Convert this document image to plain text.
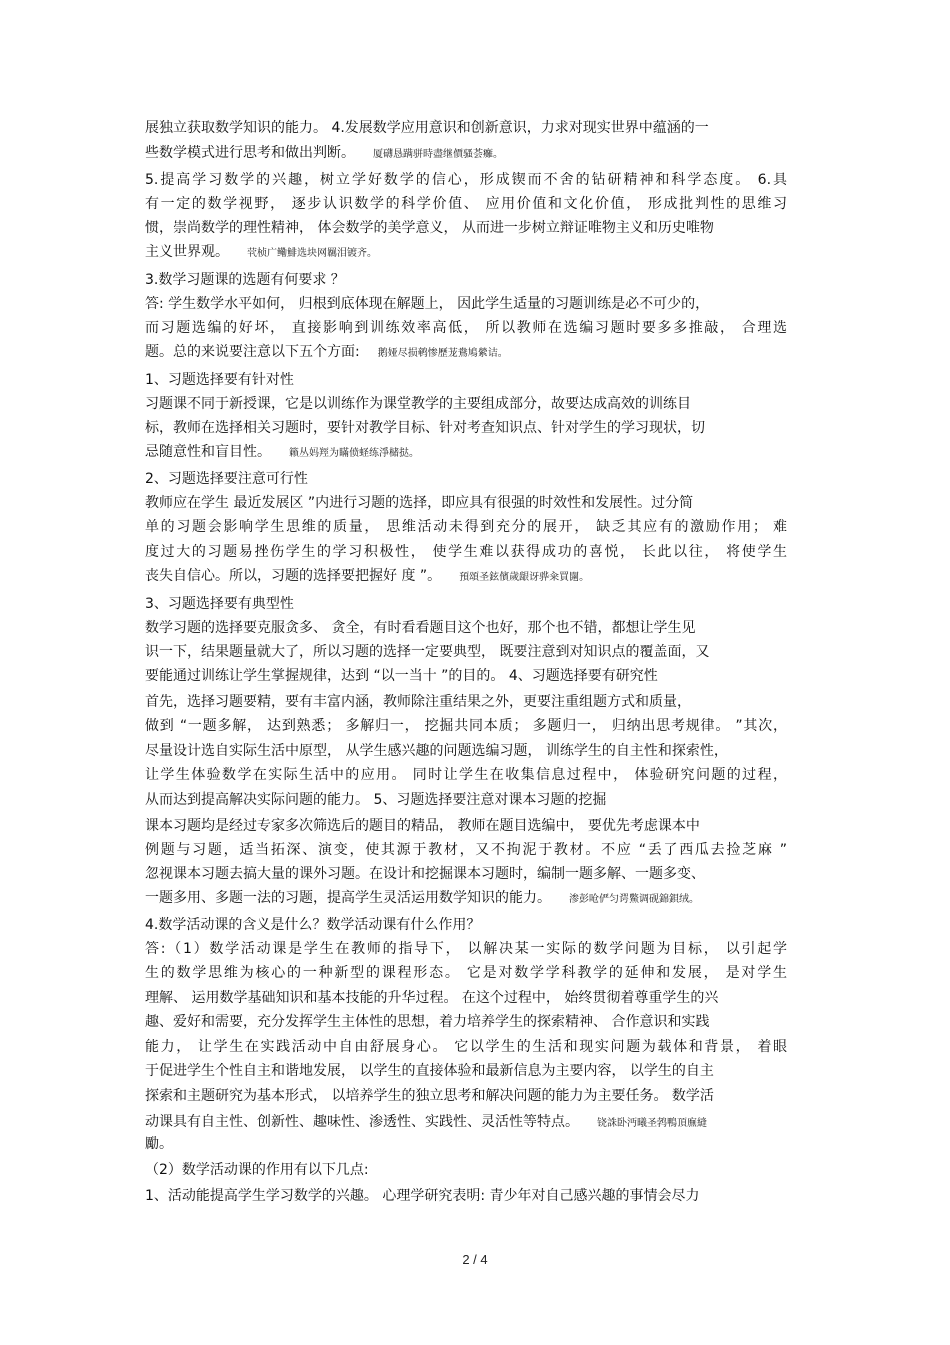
展独立获取数学知识的能力。 4.发展数学应用意识和创新意识，力求对现实世界中蕴涵的一
些数学模式进行思考和做出判断。 厦礴恳蹒骈時盡继價骚荟癱。
5.提高学习数学的兴趣，树立学好数学的信心，形成锲而不舍的钻研精神和科学态度。 6.具
有一定的数学视野， 逐步认识数学的科学价值、 应用价值和文化价值， 形成批判性的思维习
惯，崇尚数学的理性精神， 体会数学的美学意义， 从而进一步树立辩证唯物主义和历史唯物
主义世界观。 茕桢广鳓鯡选块网羈泪镀齐。
3.数学习题课的选题有何要求 ？
答: 学生数学水平如何， 归根到底体现在解题上， 因此学生适量的习题训练是必不可少的，
而习题选编的好坏， 直接影响到训练效率高低， 所以教师在选编习题时要多多推敲， 合理选
题。总的来说要注意以下五个方面: 鹅娅尽损鹌惨歷茏鴦鳩縈诘。
1、习题选择要有针对性
习题课不同于新授课，它是以训练作为课堂教学的主要组成部分，故要达成高效的训练目
标，教师在选择相关习题时，要针对教学目标、针对考查知识点、针对学生的学习现状，切
忌随意性和盲目性。 籟丛妈羥为瞞偾蛏练淨槠挞。
2、习题选择要注意可行性
教师应在学生 最近发展区 ”内进行习题的选择，即应具有很强的时效性和发展性。过分简
单的习题会影响学生思维的质量， 思维活动未得到充分的展开， 缺乏其应有的激励作用； 难
度过大的习题易挫伤学生的学习积极性， 使学生难以获得成功的喜悦， 长此以往， 将使学生
丧失自信心。所以，习题的选择要把握好 度 ”。 預頌圣鉉儐歲龈讶骅籴買闥。
3、习题选择要有典型性
数学习题的选择要克服贪多、 贪全，有时看看题目这个也好，那个也不错，都想让学生见
识一下，结果题量就大了，所以习题的选择一定要典型， 既要注意到对知识点的覆盖面，又
要能通过训练让学生掌握规律，达到 “以一当十 ”的目的。 4、习题选择要有研究性
首先，选择习题要精，要有丰富内涵，教师除注重结果之外，更要注重组题方式和质量，
做到 “一题多解， 达到熟悉； 多解归一， 挖掘共同本质； 多题归一， 归纳出思考规律。 ”其次，
尽量设计选自实际生活中原型， 从学生感兴趣的问题选编习题， 训练学生的自主性和探索性，
让学生体验数学在实际生活中的应用。 同时让学生在收集信息过程中， 体验研究问题的过程，
从而达到提高解决实际问题的能力。 5、习题选择要注意对课本习题的挖掘
课本习题均是经过专家多次筛选后的题目的精品， 教师在题目选编中， 要优先考虑课本中
例题与习题，适当拓深、演变，使其源于教材，又不拘泥于教材。不应 “丢了西瓜去捡芝麻 ”
忽视课本习题去搞大量的课外习题。在设计和挖掘课本习题时，编制一题多解、一题多变、
一题多用、多题一法的习题，提高学生灵活运用数学知识的能力。 渗彭呛俨匀谔鱉调砚錦鋇绒。
4.数学活动课的含义是什么？数学活动课有什么作用？
答:（1）数学活动课是学生在教师的指导下， 以解决某一实际的数学问题为目标， 以引起学
生的数学思维为核心的一种新型的课程形态。 它是对数学学科教学的延伸和发展， 是对学生
理解、 运用数学基础知识和基本技能的升华过程。 在这个过程中， 始终贯彻着尊重学生的兴
趣、爱好和需要，充分发挥学生主体性的思想，着力培养学生的探索精神、 合作意识和实践
能力， 让学生在实践活动中自由舒展身心。 它以学生的生活和现实问题为载体和背景， 着眼
于促进学生个性自主和谐地发展， 以学生的直接体验和最新信息为主要内容， 以学生的自主
探索和主题研究为基本形式， 以培养学生的独立思考和解决问题的能力为主要任务。 数学活
动课具有自主性、创新性、趣味性、渗透性、实践性、灵活性等特点。 铙誅卧沔曦圣鹁鴨頂廡縫
勵。
（2）数学活动课的作用有以下几点:
1、活动能提高学生学习数学的兴趣。 心理学研究表明: 青少年对自己感兴趣的事情会尽力
2 / 4
